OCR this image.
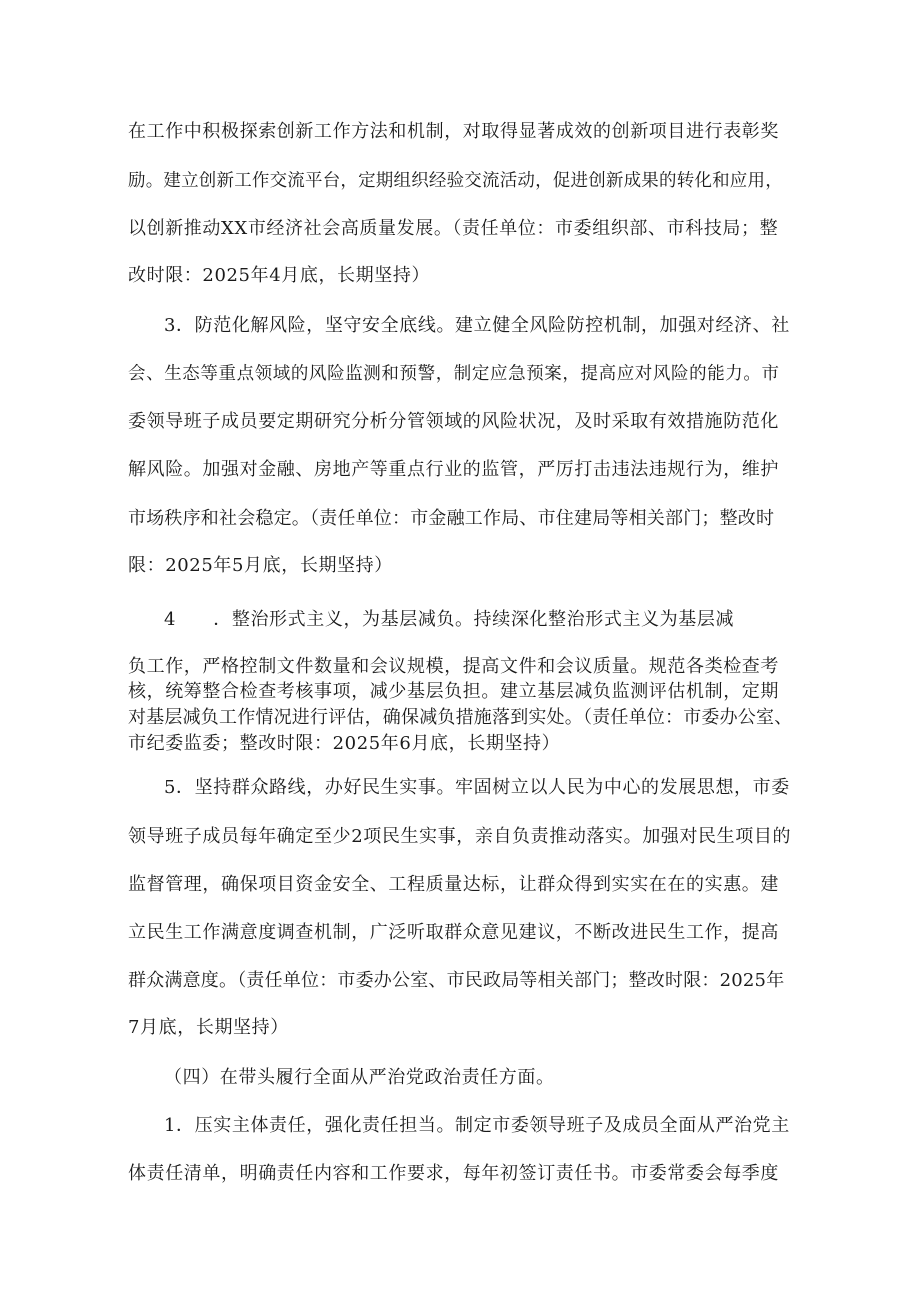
在工作中积极探索创新工作方法和机制，对取得显著成效的创新项目进行表彰奖
励。建立创新工作交流平台，定期组织经验交流活动，促进创新成果的转化和应用，
以创新推动XX市经济社会高质量发展。（责任单位：市委组织部、市科技局；整
改时限：2025年4月底，长期坚持）
3．防范化解风险，坚守安全底线。建立健全风险防控机制，加强对经济、社
会、生态等重点领域的风险监测和预警，制定应急预案，提高应对风险的能力。市
委领导班子成员要定期研究分析分管领域的风险状况，及时采取有效措施防范化
解风险。加强对金融、房地产等重点行业的监管，严厉打击违法违规行为，维护
市场秩序和社会稳定。（责任单位：市金融工作局、市住建局等相关部门；整改时
限：2025年5月底，长期坚持）
4　　．整治形式主义，为基层减负。持续深化整治形式主义为基层减
负工作，严格控制文件数量和会议规模，提高文件和会议质量。规范各类检查考
核，统筹整合检查考核事项，减少基层负担。建立基层减负监测评估机制，定期
对基层减负工作情况进行评估，确保减负措施落到实处。（责任单位：市委办公室、
市纪委监委；整改时限：2025年6月底，长期坚持）
5．坚持群众路线，办好民生实事。牢固树立以人民为中心的发展思想，市委
领导班子成员每年确定至少2项民生实事，亲自负责推动落实。加强对民生项目的
监督管理，确保项目资金安全、工程质量达标，让群众得到实实在在的实惠。建
立民生工作满意度调查机制，广泛听取群众意见建议，不断改进民生工作，提高
群众满意度。（责任单位：市委办公室、市民政局等相关部门；整改时限：2025年
7月底，长期坚持）
（四）在带头履行全面从严治党政治责任方面。
1．压实主体责任，强化责任担当。制定市委领导班子及成员全面从严治党主
体责任清单，明确责任内容和工作要求，每年初签订责任书。市委常委会每季度
